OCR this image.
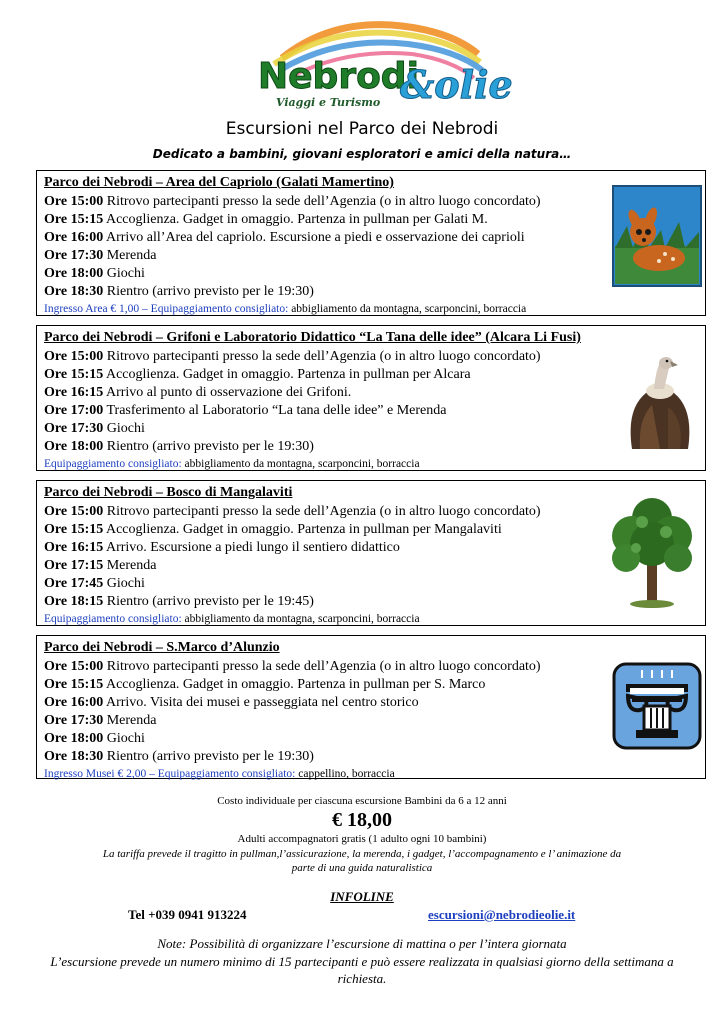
Nebrodi
&olie
Viaggi e Turismo
Escursioni nel Parco dei Nebrodi
Dedicato a bambini, giovani esploratori e amici della natura…
Parco dei Nebrodi – Area del Capriolo (Galati Mamertino)
Ore 15:00 Ritrovo partecipanti presso la sede dell’Agenzia (o in altro luogo concordato)
Ore 15:15 Accoglienza. Gadget in omaggio. Partenza in pullman per Galati M.
Ore 16:00 Arrivo all’Area del capriolo. Escursione a piedi e osservazione dei caprioli
Ore 17:30 Merenda
Ore 18:00 Giochi
Ore 18:30 Rientro (arrivo previsto per le 19:30)
Ingresso Area € 1,00 – Equipaggiamento consigliato: abbigliamento da montagna, scarponcini, borraccia
Parco dei Nebrodi – Grifoni e Laboratorio Didattico “La Tana delle idee” (Alcara Li Fusi)
Ore 15:00 Ritrovo partecipanti presso la sede dell’Agenzia (o in altro luogo concordato)
Ore 15:15 Accoglienza. Gadget in omaggio. Partenza in pullman per Alcara
Ore 16:15 Arrivo al punto di osservazione dei Grifoni.
Ore 17:00 Trasferimento al Laboratorio “La tana delle idee” e Merenda
Ore 17:30 Giochi
Ore 18:00 Rientro (arrivo previsto per le 19:30)
Equipaggiamento consigliato: abbigliamento da montagna, scarponcini, borraccia
Parco dei Nebrodi – Bosco di Mangalaviti
Ore 15:00 Ritrovo partecipanti presso la sede dell’Agenzia (o in altro luogo concordato)
Ore 15:15 Accoglienza. Gadget in omaggio. Partenza in pullman per Mangalaviti
Ore 16:15 Arrivo. Escursione a piedi lungo il sentiero didattico
Ore 17:15 Merenda
Ore 17:45 Giochi
Ore 18:15 Rientro (arrivo previsto per le 19:45)
Equipaggiamento consigliato: abbigliamento da montagna, scarponcini, borraccia
Parco dei Nebrodi – S.Marco d’Alunzio
Ore 15:00 Ritrovo partecipanti presso la sede dell’Agenzia (o in altro luogo concordato)
Ore 15:15 Accoglienza. Gadget in omaggio. Partenza in pullman per S. Marco
Ore 16:00 Arrivo. Visita dei musei e passeggiata nel centro storico
Ore 17:30 Merenda
Ore 18:00 Giochi
Ore 18:30 Rientro (arrivo previsto per le 19:30)
Ingresso Musei € 2,00 – Equipaggiamento consigliato: cappellino, borraccia
Costo individuale per ciascuna escursione Bambini da 6 a 12 anni
€ 18,00
Adulti accompagnatori gratis (1 adulto ogni 10 bambini)
La tariffa prevede il tragitto in pullman,l’assicurazione, la merenda, i gadget, l’accompagnamento e l’ animazione da parte di una guida naturalistica
INFOLINE
Tel +039 0941 913224	escursioni@nebrodieolie.it
Note: Possibilità di organizzare l’escursione di mattina o per l’intera giornata
L’escursione prevede un numero minimo di 15 partecipanti e può essere realizzata in qualsiasi giorno della settimana a richiesta.
